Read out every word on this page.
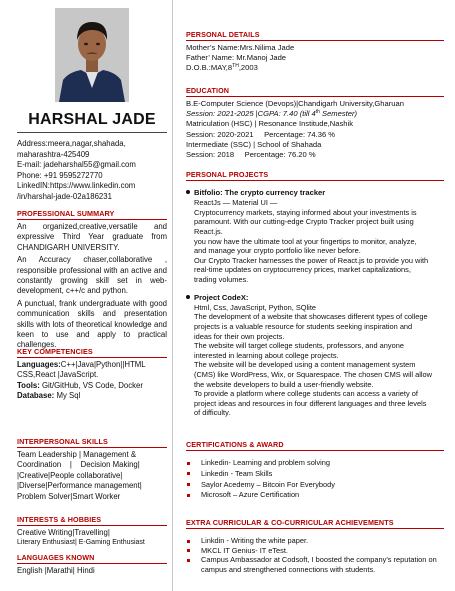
HARSHAL JADE
Address:meera,nagar,shahada,
maharashtra-425409
E-mail: jadeharshal55@gmail.com
Phone: +91 9595272770
LinkedIN:https://www.linkedin.com
/in/harshal-jade-02a186231
PROFESSIONAL SUMMARY
An organized,creative,versatile and expressive Third Year graduate from CHANDIGARH UNIVERSITY.
An Accuracy chaser,collaborative , responsible professional with an active and constantly growing skill set in web-development, c++/c and python.
A punctual, frank undergraduate with good communication skills and presentation skills with lots of theoretical knowledge and keen to use and apply to practical challenges.
KEY COMPETENCIES
Languages:C++|Java|Python||HTML CSS,React |JavaScript.
Tools: Git/GitHub, VS Code, Docker
Database: My Sql
INTERPERSONAL SKILLS
Team Leadership | Management &
Coordination    |    Decision Making|
|Creative|People collaborative|
|Diverse|Performance management|
Problem Solver|Smart Worker
INTERESTS & HOBBIES
Creative Writing|Travelling|
Literary Enthusiast| E-Gaming Enthusiast
LANGUAGES KNOWN
English |Marathi| Hindi
PERSONAL DETAILS
Mother’s Name:Mrs.Nilima Jade
Father’ Name: Mr.Manoj Jade
D.O.B.:MAY,8TH,2003
EDUCATION
B.E-Computer Science (Devops)|Chandigarh University,Gharuan
Session: 2021-2025 |CGPA: 7.40 (till 4th Semester)
Matriculation (HSC) | Resonance Institude,Nashik
Session: 2020-2021     Percentage: 74.36 %
Intermediate (SSC) | School of Shahada
Session: 2018     Percentage: 76.20 %
PERSONAL PROJECTS
Bitfolio: The crypto currency tracker
ReactJs — Material UI —
Cryptocurrency markets, staying informed about your investments is
paramount. With our cutting-edge Crypto Tracker project built using
React.js.
you now have the ultimate tool at your fingertips to monitor, analyze,
and manage your crypto portfolio like never before.
Our Crypto Tracker harnesses the power of React.js to provide you with
real-time updates on cryptocurrency prices, market capitalizations,
trading volumes.
Project CodeX:
Html, Css, JavaScript, Python, SQlite
The development of a website that showcases different types of college
projects is a valuable resource for students seeking inspiration and
ideas for their own projects.
The website will target college students, professors, and anyone
interested in learning about college projects.
The website will be developed using a content management system
(CMS) like WordPress, Wix, or Squarespace. The chosen CMS will allow
the website developers to build a user-friendly website.
To provide a platform where college students can access a variety of
project ideas and resources in four different languages and three levels
of difficulty.
CERTIFICATIONS & AWARD
Linkedin- Learning and problem solving
Linkedin - Team Skills
Saylor Acedemy – Bitcoin For Everybody
Microsoft – Azure Certification
EXTRA CURRICULAR & CO-CURRICULAR ACHIEVEMENTS
Linkdin - Writing the white paper.
MKCL IT Genius- IT eTest.
Campus Ambassador at Codsoft, I boosted the company’s reputation on campus and strengthened connections with students.
